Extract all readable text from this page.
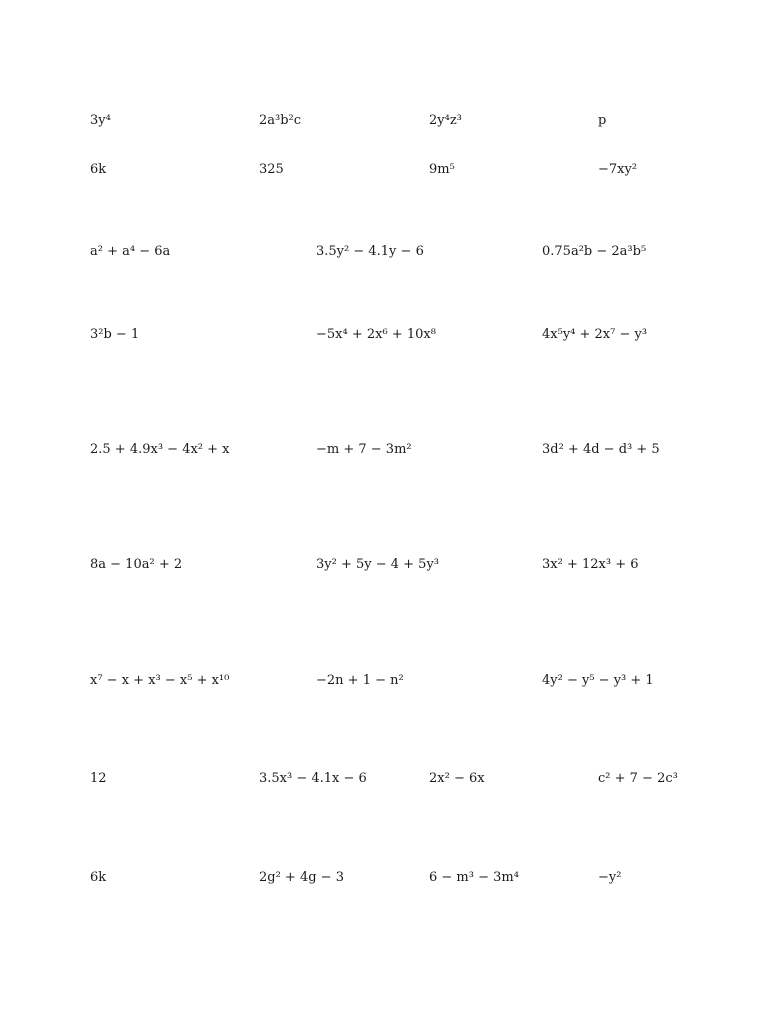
3y⁴	2a³b²c	2y⁴z³	p
6k	325	9m⁵	−7xy²
a² + a⁴ − 6a	3.5y² − 4.1y − 6	0.75a²b − 2a³b⁵
3²b − 1	−5x⁴ + 2x⁶ + 10x⁸	4x⁵y⁴ + 2x⁷ − y³
2.5 + 4.9x³ − 4x² + x	−m + 7 − 3m²	3d² + 4d − d³ + 5
8a − 10a² + 2	3y² + 5y − 4 + 5y³	3x² + 12x³ + 6
x⁷ − x + x³ − x⁵ + x¹⁰	−2n + 1 − n²	4y² − y⁵ − y³ + 1
12	3.5x³ − 4.1x − 6	2x² − 6x	c² + 7 − 2c³
6k	2g² + 4g − 3	6 − m³ − 3m⁴	−y²
